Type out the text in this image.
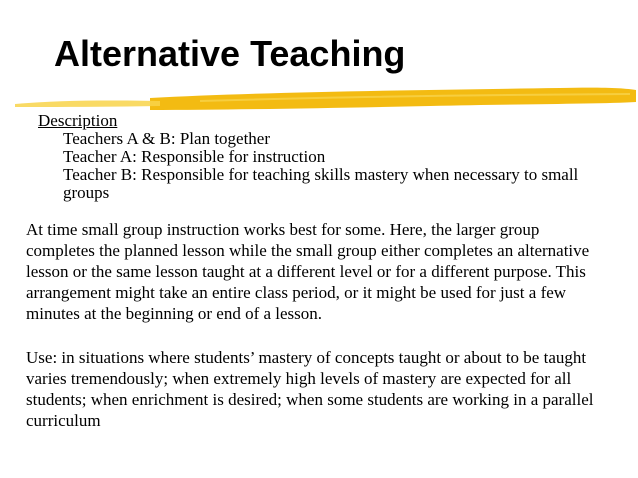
Alternative Teaching
Description
Teachers A & B: Plan together
Teacher A: Responsible for instruction
Teacher B: Responsible for teaching skills mastery when necessary to small groups

At time small group instruction works best for some. Here, the larger group completes the planned lesson while the small group either completes an alternative lesson or the same lesson taught at a different level or for a different purpose. This arrangement might take an entire class period, or it might be used for just a few minutes at the beginning or end of a lesson.

Use: in situations where students’ mastery of concepts taught or about to be taught varies tremendously; when extremely high levels of mastery are expected for all students; when enrichment is desired; when some students are working in a parallel curriculum
